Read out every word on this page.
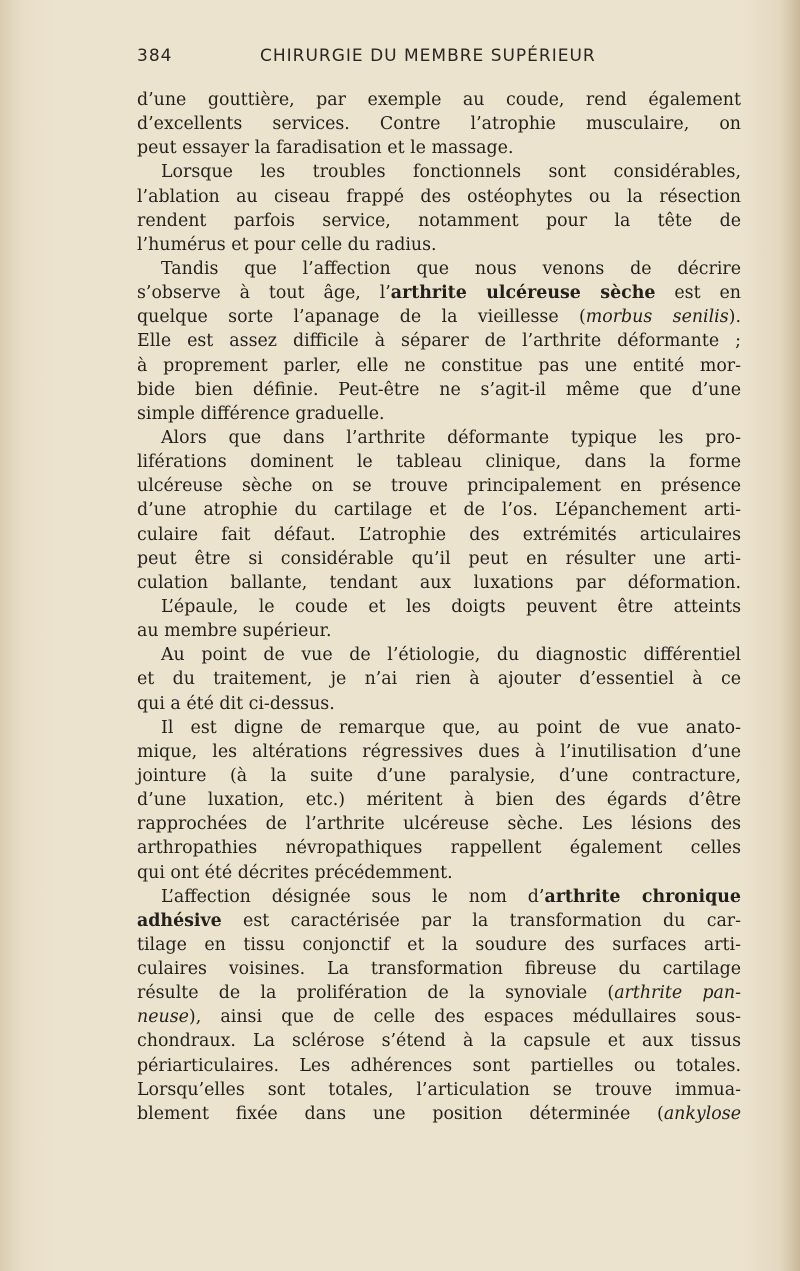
384	CHIRURGIE DU MEMBRE SUPÉRIEUR
d’une gouttière, par exemple au coude, rend également
d’excellents services. Contre l’atrophie musculaire, on
peut essayer la faradisation et le massage.
Lorsque les troubles fonctionnels sont considérables,
l’ablation au ciseau frappé des ostéophytes ou la résection
rendent parfois service, notamment pour la tête de
l’humérus et pour celle du radius.
Tandis que l’affection que nous venons de décrire
s’observe à tout âge, l’arthrite ulcéreuse sèche est en
quelque sorte l’apanage de la vieillesse (morbus senilis).
Elle est assez difficile à séparer de l’arthrite déformante ;
à proprement parler, elle ne constitue pas une entité mor-
bide bien définie. Peut-être ne s’agit-il même que d’une
simple différence graduelle.
Alors que dans l’arthrite déformante typique les pro-
liférations dominent le tableau clinique, dans la forme
ulcéreuse sèche on se trouve principalement en présence
d’une atrophie du cartilage et de l’os. L’épanchement arti-
culaire fait défaut. L’atrophie des extrémités articulaires
peut être si considérable qu’il peut en résulter une arti-
culation ballante, tendant aux luxations par déformation.
L’épaule, le coude et les doigts peuvent être atteints
au membre supérieur.
Au point de vue de l’étiologie, du diagnostic différentiel
et du traitement, je n’ai rien à ajouter d’essentiel à ce
qui a été dit ci-dessus.
Il est digne de remarque que, au point de vue anato-
mique, les altérations régressives dues à l’inutilisation d’une
jointure (à la suite d’une paralysie, d’une contracture,
d’une luxation, etc.) méritent à bien des égards d’être
rapprochées de l’arthrite ulcéreuse sèche. Les lésions des
arthropathies névropathiques rappellent également celles
qui ont été décrites précédemment.
L’affection désignée sous le nom d’arthrite chronique
adhésive est caractérisée par la transformation du car-
tilage en tissu conjonctif et la soudure des surfaces arti-
culaires voisines. La transformation fibreuse du cartilage
résulte de la prolifération de la synoviale (arthrite pan-
neuse), ainsi que de celle des espaces médullaires sous-
chondraux. La sclérose s’étend à la capsule et aux tissus
périarticulaires. Les adhérences sont partielles ou totales.
Lorsqu’elles sont totales, l’articulation se trouve immua-
blement fixée dans une position déterminée (ankylose
